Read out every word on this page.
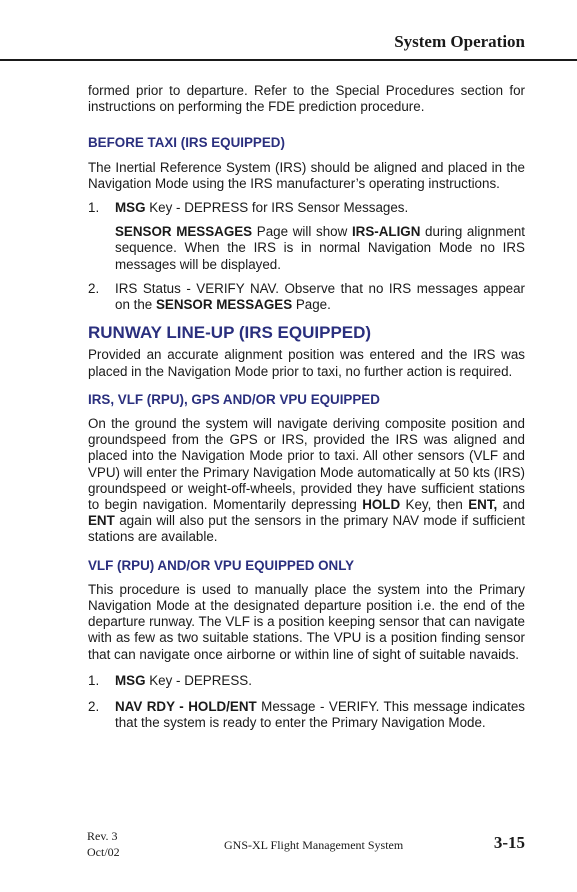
System Operation

formed prior to departure. Refer to the Special Procedures section for instructions on performing the FDE prediction procedure.

BEFORE TAXI (IRS EQUIPPED)

The Inertial Reference System (IRS) should be aligned and placed in the Navigation Mode using the IRS manufacturer’s operating instructions.

1. MSG Key - DEPRESS for IRS Sensor Messages.
SENSOR MESSAGES Page will show IRS-ALIGN during alignment sequence. When the IRS is in normal Navigation Mode no IRS messages will be displayed.
2. IRS Status - VERIFY NAV. Observe that no IRS messages appear on the SENSOR MESSAGES Page.
RUNWAY LINE-UP (IRS EQUIPPED)

Provided an accurate alignment position was entered and the IRS was placed in the Navigation Mode prior to taxi, no further action is required.

IRS, VLF (RPU), GPS AND/OR VPU EQUIPPED

On the ground the system will navigate deriving composite position and groundspeed from the GPS or IRS, provided the IRS was aligned and placed into the Navigation Mode prior to taxi. All other sensors (VLF and VPU) will enter the Primary Navigation Mode automatically at 50 kts (IRS) groundspeed or weight-off-wheels, provided they have sufficient stations to begin navigation. Momentarily depressing HOLD Key, then ENT, and ENT again will also put the sensors in the primary NAV mode if sufficient stations are available.

VLF (RPU) AND/OR VPU EQUIPPED ONLY

This procedure is used to manually place the system into the Primary Navigation Mode at the designated departure position i.e. the end of the departure runway. The VLF is a position keeping sensor that can navigate with as few as two suitable stations. The VPU is a position finding sensor that can navigate once airborne or within line of sight of suitable navaids.

1. MSG Key - DEPRESS.
2. NAV RDY - HOLD/ENT Message - VERIFY. This message indicates that the system is ready to enter the Primary Navigation Mode.
Rev. 3
Oct/02	GNS-XL Flight Management System	3-15
